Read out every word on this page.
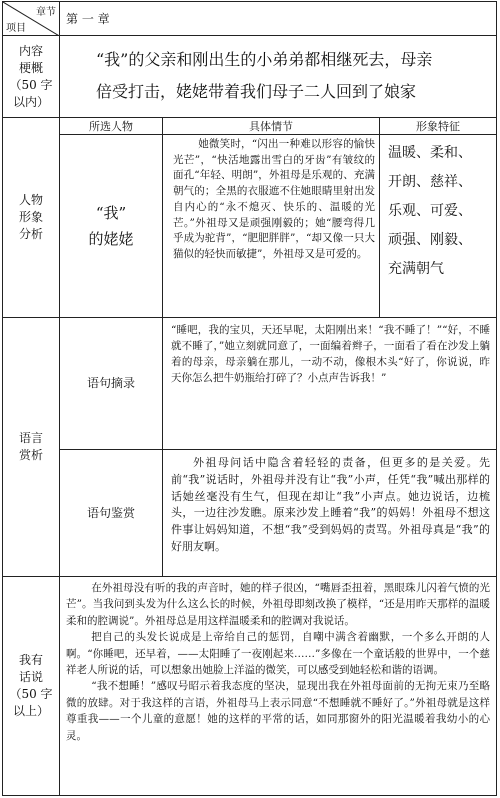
章节
项目
第 一 章
内容
梗概
（50 字
以内）
“我”的父亲和刚出生的小弟弟都相继死去，母亲
倍受打击，姥姥带着我们母子二人回到了娘家
人物
形象
分析
所选人物	具体情节	形象特征
“我”
的姥姥
她微笑时，“闪出一种难以形容的愉快光芒”，“快活地露出雪白的牙齿”有皱纹的面孔“年轻、明朗”，外祖母是乐观的、充满朝气的；全黑的衣服遮不住她眼睛里射出发自内心的“永不熄灭、快乐的、温暖的光芒。”外祖母又是顽强刚毅的；她“腰弯得几乎成为驼背”，“肥肥胖胖”，“却又像一只大猫似的轻快而敏捷”，外祖母又是可爱的。
温暖、柔和、
开朗、慈祥、
乐观、可爱、
顽强、刚毅、
充满朝气
语言
赏析
语句摘录
“睡吧，我的宝贝，天还早呢，太阳刚出来！“我不睡了！”“好，不睡就不睡了，”她立刻就同意了，一面编着辫子，一面看了看在沙发上躺着的母亲，母亲躺在那儿，一动不动，像根木头“好了，你说说，昨天你怎么把牛奶瓶给打碎了？小点声告诉我！”
语句鉴赏
外祖母问话中隐含着轻轻的责备，但更多的是关爱。先前“我”说话时，外祖母并没有让“我”小声，任凭“我”喊出那样的话她丝毫没有生气，但现在却让“我”小声点。她边说话，边梳头，一边往沙发瞧。原来沙发上睡着“我”的妈妈！外祖母不想这件事让妈妈知道，不想“我”受到妈妈的责骂。外祖母真是“我”的好朋友啊。
我有
话说
（50 字
以上）

在外祖母没有听的我的声音时，她的样子很凶，“嘴唇歪扭着，黑眼珠儿闪着气愤的光芒”。当我问到头发为什么这么长的时候，外祖母即刻改换了模样，“还是用昨天那样的温暖柔和的腔调说”。外祖母总是用这样温暖柔和的腔调对我说话。

把自己的头发长说成是上帝给自己的惩罚，自嘲中满含着幽默，一个多么开朗的人啊。“你睡吧，还早着，——太阳睡了一夜刚起来……”多像在一个童话般的世界中，一个慈祥老人所说的话，可以想象出她脸上洋溢的微笑，可以感受到她轻松和谐的语调。

“我不想睡！”感叹号昭示着我态度的坚决，显现出我在外祖母面前的无拘无束乃至略微的放肆。对于我这样的言语，外祖母马上表示同意“不想睡就不睡好了。”外祖母就是这样尊重我——一个儿童的意愿！她的这样的平常的话，如同那窗外的阳光温暖着我幼小的心灵。
